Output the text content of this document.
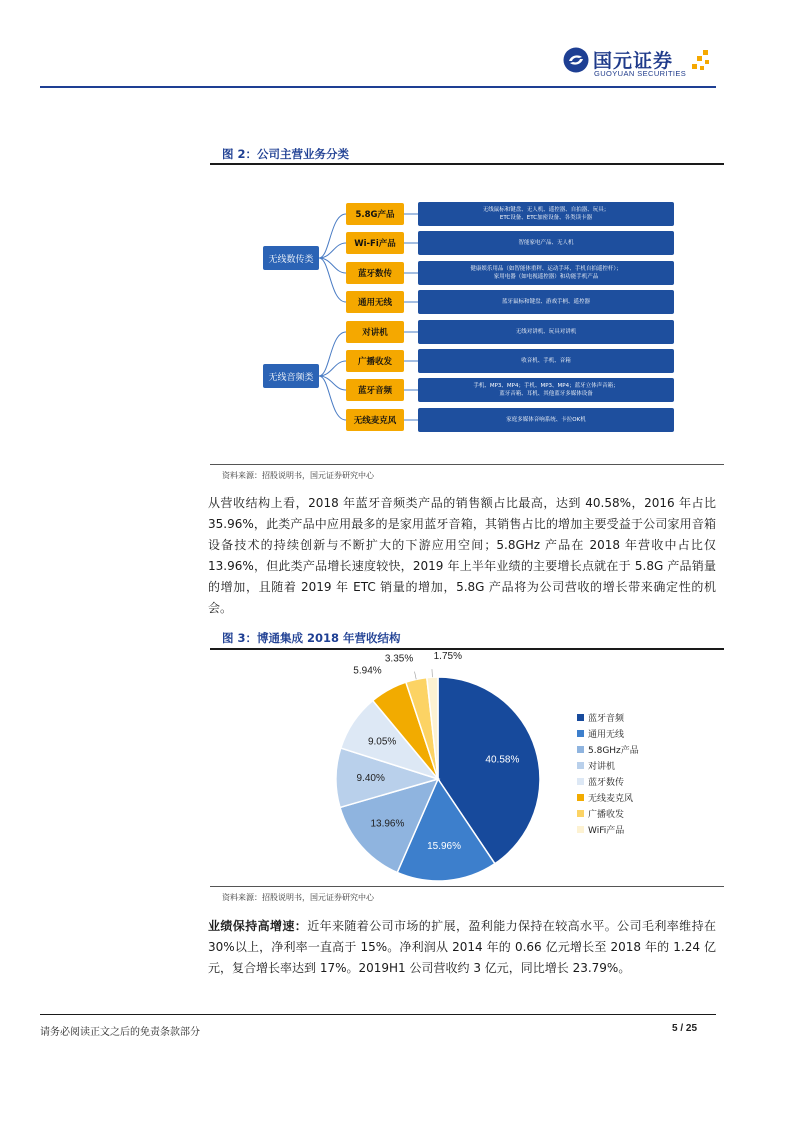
国元证券
GUOYUAN SECURITIES
图 2：公司主营业务分类
无线数传类
无线音频类
5.8G产品
Wi-Fi产品
蓝牙数传
通用无线
对讲机
广播收发
蓝牙音频
无线麦克风
无线鼠标和键盘、无人机、遥控器、自拍器、玩具；
ETC设备、ETC加密设备、各类读卡器
智能家电产品、无人机
健康娱乐用品（如智能体重秤、运动手环、手机自拍遥控杆）；
家用电器（如电视遥控器）和功能手机产品
蓝牙鼠标和键盘、游戏手柄、遥控器
无线对讲机、玩具对讲机
收音机、手机、音箱
手机、MP3、MP4；手机、MP3、MP4；蓝牙立体声音箱；
蓝牙音箱、耳机、其他蓝牙多媒体设备
家庭多媒体音响系统、卡拉OK机
资料来源：招股说明书，国元证券研究中心
从营收结构上看，2018 年蓝牙音频类产品的销售额占比最高，达到 40.58%，2016 年占比 35.96%，此类产品中应用最多的是家用蓝牙音箱，其销售占比的增加主要受益于公司家用音箱设备技术的持续创新与不断扩大的下游应用空间；5.8GHz 产品在 2018 年营收中占比仅 13.96%，但此类产品增长速度较快，2019 年上半年业绩的主要增长点就在于 5.8G 产品销量的增加，且随着 2019 年 ETC 销量的增加，5.8G 产品将为公司营收的增长带来确定性的机会。
图 3：博通集成 2018 年营收结构
40.58%
15.96%
13.96%
9.40%
9.05%
5.94%
3.35% 1.75%
蓝牙音频
通用无线
5.8GHz产品
对讲机
蓝牙数传
无线麦克风
广播收发
WiFi产品
资料来源：招股说明书，国元证券研究中心
业绩保持高增速：近年来随着公司市场的扩展，盈利能力保持在较高水平。公司毛利率维持在 30%以上，净利率一直高于 15%。净利润从 2014 年的 0.66 亿元增长至 2018 年的 1.24 亿元，复合增长率达到 17%。2019H1 公司营收约 3 亿元，同比增长 23.79%。
请务必阅读正文之后的免责条款部分	5 / 25
